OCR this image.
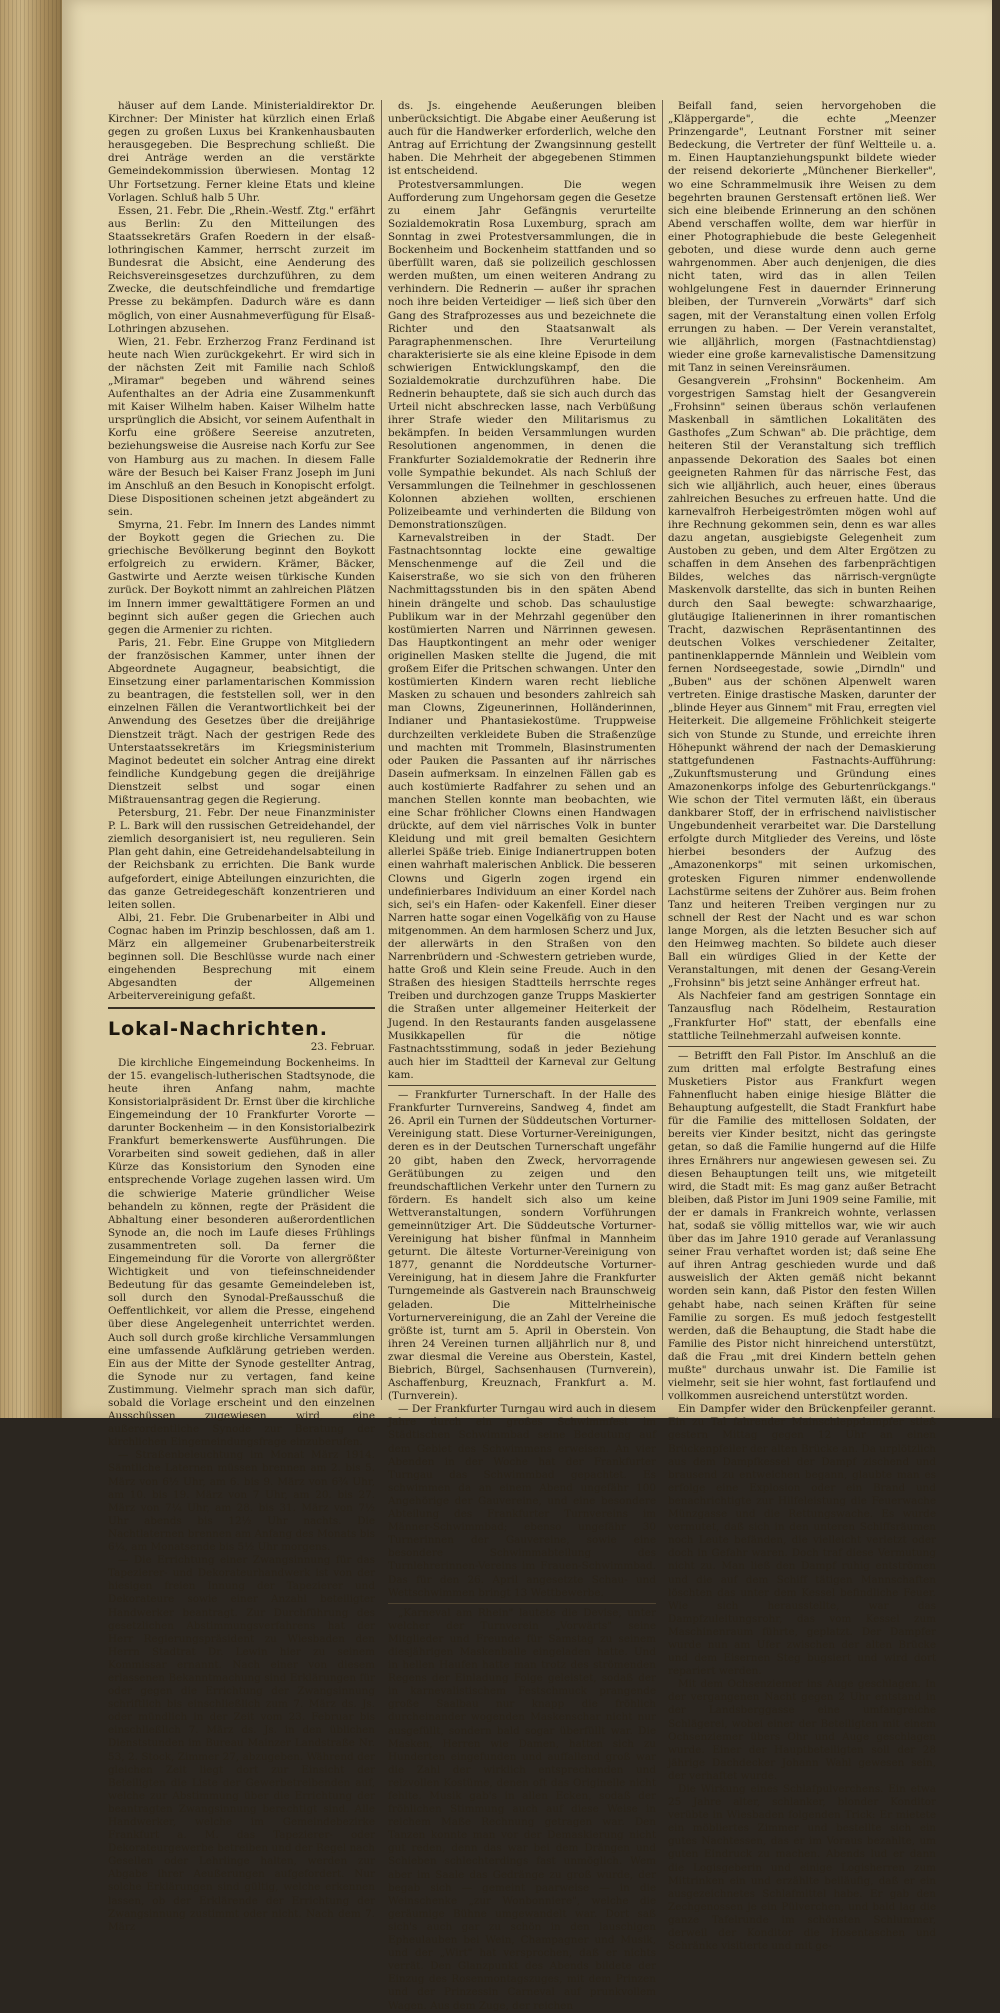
häuser auf dem Lande. Ministerialdirektor Dr. Kirchner: Der Minister hat kürzlich einen Erlaß gegen zu großen Luxus bei Krankenhausbauten herausgegeben. Die Besprechung schließt. Die drei Anträge werden an die verstärkte Gemeindekommission überwiesen. Montag 12 Uhr Fortsetzung. Ferner kleine Etats und kleine Vorlagen. Schluß halb 5 Uhr.

Essen, 21. Febr. Die „Rhein.-Westf. Ztg." erfährt aus Berlin: Zu den Mitteilungen des Staatssekretärs Grafen Roedern in der elsaß-lothringischen Kammer, herrscht zurzeit im Bundesrat die Absicht, eine Aenderung des Reichsvereinsgesetzes durchzuführen, zu dem Zwecke, die deutschfeindliche und fremdartige Presse zu bekämpfen. Dadurch wäre es dann möglich, von einer Ausnahmeverfügung für Elsaß-Lothringen abzusehen.

Wien, 21. Febr. Erzherzog Franz Ferdinand ist heute nach Wien zurückgekehrt. Er wird sich in der nächsten Zeit mit Familie nach Schloß „Miramar" begeben und während seines Aufenthaltes an der Adria eine Zusammenkunft mit Kaiser Wilhelm haben. Kaiser Wilhelm hatte ursprünglich die Absicht, vor seinem Aufenthalt in Korfu eine größere Seereise anzutreten, beziehungsweise die Ausreise nach Korfu zur See von Hamburg aus zu machen. In diesem Falle wäre der Besuch bei Kaiser Franz Joseph im Juni im Anschluß an den Besuch in Konopischt erfolgt. Diese Dispositionen scheinen jetzt abgeändert zu sein.

Smyrna, 21. Febr. Im Innern des Landes nimmt der Boykott gegen die Griechen zu. Die griechische Bevölkerung beginnt den Boykott erfolgreich zu erwidern. Krämer, Bäcker, Gastwirte und Aerzte weisen türkische Kunden zurück. Der Boykott nimmt an zahlreichen Plätzen im Innern immer gewalttätigere Formen an und beginnt sich außer gegen die Griechen auch gegen die Armenier zu richten.

Paris, 21. Febr. Eine Gruppe von Mitgliedern der französischen Kammer, unter ihnen der Abgeordnete Augagneur, beabsichtigt, die Einsetzung einer parlamentarischen Kommission zu beantragen, die feststellen soll, wer in den einzelnen Fällen die Verantwortlichkeit bei der Anwendung des Gesetzes über die dreijährige Dienstzeit trägt. Nach der gestrigen Rede des Unterstaatssekretärs im Kriegsministerium Maginot bedeutet ein solcher Antrag eine direkt feindliche Kundgebung gegen die dreijährige Dienstzeit selbst und sogar einen Mißtrauensantrag gegen die Regierung.

Petersburg, 21. Febr. Der neue Finanzminister P. L. Bark will den russischen Getreidehandel, der ziemlich desorganisiert ist, neu regulieren. Sein Plan geht dahin, eine Getreidehandelsabteilung in der Reichsbank zu errichten. Die Bank wurde aufgefordert, einige Abteilungen einzurichten, die das ganze Getreidegeschäft konzentrieren und leiten sollen.

Albi, 21. Febr. Die Grubenarbeiter in Albi und Cognac haben im Prinzip beschlossen, daß am 1. März ein allgemeiner Grubenarbeiterstreik beginnen soll. Die Beschlüsse wurde nach einer eingehenden Besprechung mit einem Abgesandten der Allgemeinen Arbeitervereinigung gefaßt.

Lokal-Nachrichten.
23. Februar.

Die kirchliche Eingemeindung Bockenheims. In der 15. evangelisch-lutherischen Stadtsynode, die heute ihren Anfang nahm, machte Konsistorialpräsident Dr. Ernst über die kirchliche Eingemeindung der 10 Frankfurter Vororte — darunter Bockenheim — in den Konsistorialbezirk Frankfurt bemerkenswerte Ausführungen. Die Vorarbeiten sind soweit gediehen, daß in aller Kürze das Konsistorium den Synoden eine entsprechende Vorlage zugehen lassen wird. Um die schwierige Materie gründlicher Weise behandeln zu können, regte der Präsident die Abhaltung einer besonderen außerordentlichen Synode an, die noch im Laufe dieses Frühlings zusammentreten soll. Da ferner die Eingemeindung für die Vororte von allergrößter Wichtigkeit und von tiefeinschneidender Bedeutung für das gesamte Gemeindeleben ist, soll durch den Synodal-Preßausschuß die Oeffentlichkeit, vor allem die Presse, eingehend über diese Angelegenheit unterrichtet werden. Auch soll durch große kirchliche Versammlungen eine umfassende Aufklärung getrieben werden. Ein aus der Mitte der Synode gestellter Antrag, die Synode nur zu vertagen, fand keine Zustimmung. Vielmehr sprach man sich dafür, sobald die Vorlage erscheint und den einzelnen Ausschüssen zugewiesen wird, eine außerordentliche Synode zur Beratung der kirchlichen Eingemeindungsfrage einzuberufen.

— Straßenbeleuchtung im Monat März 1914. Sämtliche Laternen müssen brennen am 2. bis 5. März von 6½ Uhr, am 6. bis 9. März von 6¾ Uhr, am 10. bis 19. März von 7 Uhr, am 20. bis 27. März von 7¼ Uhr, am 28. bis 31. März von 7½ Uhr abends bis 12½ Uhr nachts. Die Nachtlaternen brennen am Anfang des Monats bis 6¼, am Monatsende bis 5½ Uhr morgens.

— Die Errichtung einer Zwangsinnung für das Tapezierer- und Dekorateurhandwerk ist von der hiesigen freien Innung der Tapezierer und Dekorateure sowie einer Anzahl beteiligter Handwerker beantragt. Zur Durchführung des gesetzlichen Abstimmungsverfahrens hat der Herr Regierungspräsident zu Wiesbaden den Herrn Stadtrat Dr. Lewin hier zu seinem Kommissar ernannt. Nach einer von diesem erlassenen Bekanntmachung sind Erklärungen für oder gegen die Errichtung der Zwangsinnung schriftlich bis einschließlich zum 7. März ds. Js. oder mündlich in der Zeit vom 23. Februar bis einschließlich 7. März ds. Js. in den üblichen Dienststunden im Bureau Mainzer Landstraße Nr. 53, 2. Stock, Zimmer 27, abzugeben. Während der gleichen Zeit liegt dort zur Einsicht der Beteiligten die Liste der Gewerbetreibenden auf, welche zur Abstimmung über die Errichtung der beantragten Zwangsinnung berechtigt sind. Alle Handwerker, welche im Gemeindebezirke Frankfurt a. M. das Tapezierer- oder Dekorateurgewerbe betreiben und der Regel nach Gesellen oder Lehrlinge halten, werden zur Abgabe ihrer Aeußerungen aufgefordert. Nur solche Erklärungen sind gültig, welche erkennen lassen, ob der Erklärende der Errichtung der Zwangsinnung zustimmt oder nicht. Nach dem 7. März

ds. Js. eingehende Aeußerungen bleiben unberücksichtigt. Die Abgabe einer Aeußerung ist auch für die Handwerker erforderlich, welche den Antrag auf Errichtung der Zwangsinnung gestellt haben. Die Mehrheit der abgegebenen Stimmen ist entscheidend.

Protestversammlungen. Die wegen Aufforderung zum Ungehorsam gegen die Gesetze zu einem Jahr Gefängnis verurteilte Sozialdemokratin Rosa Luxemburg, sprach am Sonntag in zwei Protestversammlungen, die in Bockenheim und Bockenheim stattfanden und so überfüllt waren, daß sie polizeilich geschlossen werden mußten, um einen weiteren Andrang zu verhindern. Die Rednerin — außer ihr sprachen noch ihre beiden Verteidiger — ließ sich über den Gang des Strafprozesses aus und bezeichnete die Richter und den Staatsanwalt als Paragraphenmenschen. Ihre Verurteilung charakterisierte sie als eine kleine Episode in dem schwierigen Entwicklungskampf, den die Sozialdemokratie durchzuführen habe. Die Rednerin behauptete, daß sie sich auch durch das Urteil nicht abschrecken lasse, nach Verbüßung ihrer Strafe wieder den Militarismus zu bekämpfen. In beiden Versammlungen wurden Resolutionen angenommen, in denen die Frankfurter Sozialdemokratie der Rednerin ihre volle Sympathie bekundet. Als nach Schluß der Versammlungen die Teilnehmer in geschlossenen Kolonnen abziehen wollten, erschienen Polizeibeamte und verhinderten die Bildung von Demonstrationszügen.

Karnevalstreiben in der Stadt. Der Fastnachtsonntag lockte eine gewaltige Menschenmenge auf die Zeil und die Kaiserstraße, wo sie sich von den früheren Nachmittagsstunden bis in den späten Abend hinein drängelte und schob. Das schaulustige Publikum war in der Mehrzahl gegenüber den kostümierten Narren und Närrinnen gewesen. Das Hauptkontingent an mehr oder weniger originellen Masken stellte die Jugend, die mit großem Eifer die Pritschen schwangen. Unter den kostümierten Kindern waren recht liebliche Masken zu schauen und besonders zahlreich sah man Clowns, Zigeunerinnen, Holländerinnen, Indianer und Phantasiekostüme. Truppweise durchzeilten verkleidete Buben die Straßenzüge und machten mit Trommeln, Blasinstrumenten oder Pauken die Passanten auf ihr närrisches Dasein aufmerksam. In einzelnen Fällen gab es auch kostümierte Radfahrer zu sehen und an manchen Stellen konnte man beobachten, wie eine Schar fröhlicher Clowns einen Handwagen drückte, auf dem viel närrisches Volk in bunter Kleidung und mit greil bemalten Gesichtern allerlei Späße trieb. Einige Indianertruppen boten einen wahrhaft malerischen Anblick. Die besseren Clowns und Gigerln zogen irgend ein undefinierbares Individuum an einer Kordel nach sich, sei's ein Hafen- oder Kakenfell. Einer dieser Narren hatte sogar einen Vogelkäfig von zu Hause mitgenommen. An dem harmlosen Scherz und Jux, der allerwärts in den Straßen von den Narrenbrüdern und -Schwestern getrieben wurde, hatte Groß und Klein seine Freude. Auch in den Straßen des hiesigen Stadtteils herrschte reges Treiben und durchzogen ganze Trupps Maskierter die Straßen unter allgemeiner Heiterkeit der Jugend. In den Restaurants fanden ausgelassene Musikkapellen für die nötige Fastnachtsstimmung, sodaß in jeder Beziehung auch hier im Stadtteil der Karneval zur Geltung kam.

— Frankfurter Turnerschaft. In der Halle des Frankfurter Turnvereins, Sandweg 4, findet am 26. April ein Turnen der Süddeutschen Vorturner-Vereinigung statt. Diese Vorturner-Vereinigungen, deren es in der Deutschen Turnerschaft ungefähr 20 gibt, haben den Zweck, hervorragende Gerätübungen zu zeigen und den freundschaftlichen Verkehr unter den Turnern zu fördern. Es handelt sich also um keine Wettveranstaltungen, sondern Vorführungen gemeinnütziger Art. Die Süddeutsche Vorturner-Vereinigung hat bisher fünfmal in Mannheim geturnt. Die älteste Vorturner-Vereinigung von 1877, genannt die Norddeutsche Vorturner-Vereinigung, hat in diesem Jahre die Frankfurter Turngemeinde als Gastverein nach Braunschweig geladen. Die Mittelrheinische Vorturnervereinigung, die an Zahl der Vereine die größte ist, turnt am 5. April in Oberstein. Von ihren 24 Vereinen turnen alljährlich nur 8, und zwar diesmal die Vereine aus Oberstein, Kastel, Biebrich, Bürgel, Sachsenhausen (Turnverein), Aschaffenburg, Kreuznach, Frankfurt a. M. (Turnverein).

— Der Frankfurter Turngau wird auch in diesem Jahre durch ein großes Schwimmfest im Städtischen Schwimmbad seine Bedeutung auf dem Gebiet des Schwimmens erweisen. An vier Abenden in der Woche hat der Frankfurter Turngau das Schwimmbad gepachtet. Es schwimmen da an einem Abend ungefähr 100 Angehörige der Gauvereine, und eine besondere Abteilung des Frankfurter Turnvereins im Männer-Schwimmbad; ebenso ungefähr 30 Turnerinnen der Gauvereine, sowie eine besondere Schwimmabteilung des Turnlehrerinnen-Vereins im Frauen-Schwimmbad. Das für den 26. April angesetzte Schau- und Wettschwimmen bringt 13 Wettbewerbe.

„Karneval am Rhein" lautete die Devise, unter welcher der Turnverein „Vorwärts" seine Mitglieder und Freunde für Samstag zu seinem diesjährigen Maskenballe eingeladen hatte. Und in hellen Haufen hatte man trotz des strömenden Regens der Einladung Folge geleistet, sodaß der in karnevalistischem Festschmuck prangende große Saalbau nur knapp die fröhlich durcheinander wogenden Maskenschar nicht nur ausgefüllt, sondern bald sogar überfüllt war. Die Masken, Herren wie Damen, hatten sich zu Hunderten eingefunden und auffallend groß war die Zahl der wirklich entsprechenden und reizvollen Kostüme, denen oft das Originelle nicht fehlte. Musik gab's in allen Ecken, sodaß der fröhlichen Stimmung auch auf diese Weise in reichem Maße Rechnung getragen war. Den Tanzen konnte man vor der Demaskierung nicht gut reden, denn das war bei dem Drängen und Schieben schlechterdings fast unmöglich. Wem aber im Saale das Gedränge zu groß wurde, der begab sich — gemeint paarweise — in die Weinschenke „zur Wonbonniere", welche die geräumige Bühne umgewandelt war. Dort saß sich's auch gar zu schön in den lauschigen Epheulauben bei Wein, Champagner und Musik, und der „Wirt" hat versprochen, daß er nichts verrät. Den Glanzpunkt des Abends bildete der Einzug des Rosenmontagszuges, mit dem Prinzen und der Prinzessin Carneval auf prunkvollem Wagen. Aus dem Zuge, der reichen

Beifall fand, seien hervorgehoben die „Kläppergarde", die echte „Meenzer Prinzengarde", Leutnant Forstner mit seiner Bedeckung, die Vertreter der fünf Weltteile u. a. m. Einen Hauptanziehungspunkt bildete wieder der reisend dekorierte „Münchener Bierkeller", wo eine Schrammelmusik ihre Weisen zu dem begehrten braunen Gerstensaft ertönen ließ. Wer sich eine bleibende Erinnerung an den schönen Abend verschaffen wollte, dem war hierfür in einer Photographiebude die beste Gelegenheit geboten, und diese wurde denn auch gerne wahrgenommen. Aber auch denjenigen, die dies nicht taten, wird das in allen Teilen wohlgelungene Fest in dauernder Erinnerung bleiben, der Turnverein „Vorwärts" darf sich sagen, mit der Veranstaltung einen vollen Erfolg errungen zu haben. — Der Verein veranstaltet, wie alljährlich, morgen (Fastnachtdienstag) wieder eine große karnevalistische Damensitzung mit Tanz in seinen Vereinsräumen.

Gesangverein „Frohsinn" Bockenheim. Am vorgestrigen Samstag hielt der Gesangverein „Frohsinn" seinen überaus schön verlaufenen Maskenball in sämtlichen Lokalitäten des Gasthofes „Zum Schwan" ab. Die prächtige, dem heiteren Stil der Veranstaltung sich trefflich anpassende Dekoration des Saales bot einen geeigneten Rahmen für das närrische Fest, das sich wie alljährlich, auch heuer, eines überaus zahlreichen Besuches zu erfreuen hatte. Und die karnevalfroh Herbeigeströmten mögen wohl auf ihre Rechnung gekommen sein, denn es war alles dazu angetan, ausgiebigste Gelegenheit zum Austoben zu geben, und dem Alter Ergötzen zu schaffen in dem Ansehen des farbenprächtigen Bildes, welches das närrisch-vergnügte Maskenvolk darstellte, das sich in bunten Reihen durch den Saal bewegte: schwarzhaarige, glutäugige Italienerinnen in ihrer romantischen Tracht, dazwischen Repräsentantinnen des deutschen Volkes verschiedener Zeitalter, pantinenklappernde Männlein und Weiblein vom fernen Nordseegestade, sowie „Dirndln" und „Buben" aus der schönen Alpenwelt waren vertreten. Einige drastische Masken, darunter der „blinde Heyer aus Ginnem" mit Frau, erregten viel Heiterkeit. Die allgemeine Fröhlichkeit steigerte sich von Stunde zu Stunde, und erreichte ihren Höhepunkt während der nach der Demaskierung stattgefundenen Fastnachts-Aufführung: „Zukunftsmusterung und Gründung eines Amazonenkorps infolge des Geburtenrückgangs." Wie schon der Titel vermuten läßt, ein überaus dankbarer Stoff, der in erfrischend naivlistischer Ungebundenheit verarbeitet war. Die Darstellung erfolgte durch Mitglieder des Vereins, und löste hierbei besonders der Aufzug des „Amazonenkorps" mit seinen urkomischen, grotesken Figuren nimmer endenwollende Lachstürme seitens der Zuhörer aus. Beim frohen Tanz und heiteren Treiben vergingen nur zu schnell der Rest der Nacht und es war schon lange Morgen, als die letzten Besucher sich auf den Heimweg machten. So bildete auch dieser Ball ein würdiges Glied in der Kette der Veranstaltungen, mit denen der Gesang-Verein „Frohsinn" bis jetzt seine Anhänger erfreut hat.

Als Nachfeier fand am gestrigen Sonntage ein Tanzausflug nach Rödelheim, Restauration „Frankfurter Hof" statt, der ebenfalls eine stattliche Teilnehmerzahl aufweisen konnte.

— Betrifft den Fall Pistor. Im Anschluß an die zum dritten mal erfolgte Bestrafung eines Musketiers Pistor aus Frankfurt wegen Fahnenflucht haben einige hiesige Blätter die Behauptung aufgestellt, die Stadt Frankfurt habe für die Familie des mittellosen Soldaten, der bereits vier Kinder besitzt, nicht das geringste getan, so daß die Familie hungernd auf die Hilfe ihres Ernährers nur angewiesen gewesen sei. Zu diesen Behauptungen teilt uns, wie mitgeteilt wird, die Stadt mit: Es mag ganz außer Betracht bleiben, daß Pistor im Juni 1909 seine Familie, mit der er damals in Frankreich wohnte, verlassen hat, sodaß sie völlig mittellos war, wie wir auch über das im Jahre 1910 gerade auf Veranlassung seiner Frau verhaftet worden ist; daß seine Ehe auf ihren Antrag geschieden wurde und daß ausweislich der Akten gemäß nicht bekannt worden sein kann, daß Pistor den festen Willen gehabt habe, nach seinen Kräften für seine Familie zu sorgen. Es muß jedoch festgestellt werden, daß die Behauptung, die Stadt habe die Familie des Pistor nicht hinreichend unterstützt, daß die Frau „mit drei Kindern betteln gehen mußte" durchaus unwahr ist. Die Familie ist vielmehr, seit sie hier wohnt, fast fortlaufend und vollkommen ausreichend unterstützt worden.

Ein Dampfer wider den Brückenpfeiler gerannt. Ein zu Tal fahrender Mainschleppdampfer stieß gestern Mittag gegen 12 Uhr an einen Brückenpfeiler der alten Brücke an. Da urplötzlich aus dem Dampfkessel der Dampf zischend und brausend zu entweichen begann, glaubte man es erfolge eine Explosion oder ein Brand und benachrichtigte zur Hilfeleistung die Feuerwache Münzgasse und die Rettungswache. Es wurde vermutet, daß sich in den unteren Schiffsräumen noch Leute befänden, die vielleicht verletzt oder doch in Gefahr waren. Doch traf diese Vermutung nicht zu. Man ließ den Dampf ruhig entströmen und die auf dem Schiff tätigen Mannschaften löschten das unter dem Kessel befindliche Feuer. Wie sich herausstellte, war das Dampfzuleitungsrohr, das vom Kessel zum Maschinenraum führte, geplatzt. Der Dampfer wurde nun am Ufer zwischen der alten Brücke und dem Eisernen Steg bugsiert und wird dort repariert werden.

Mit dem Ochsenziemer ins Auge geschlagen. In der vergangenen Nacht gegen 2 Uhr entstand in der Landsberggasse eine umfangreiche Schlägerei, wobei einer der Beteiligten mit einem Ochsenziemer übers Ohr und Auge geschlagen wurde. Einer der Hauptbeteiligten soll der 28 jährige Dachdecker Johann Wahl gewesen sein, der verhaftet wurde.

Die Wirkung eines Schlafpulverchens. Ein etwa 25 Jahre alter, schlanker, blonder Konditor verübte in Wiesbaden folgenden Trick: Er mietete ein möbliertes Zimmer und bestellte sich ein gutes Nachtessen, das er im Voraus bezahlte, um guten Eindruck zu machen. Abends lud er dann die Logisgeberin und einige Logisherren zum Mittrinken ein und erzählte beiläufig, daß er ein ausgezeichnetes Schlafmittel habe. Er gab den Zechgenossen je ein Pülverchen, und bald lag die ganze Tafelrunde im schönsten Schlummer, derweil der Konditor die Hosentaschen und Schränke visitierte und mit ge-
